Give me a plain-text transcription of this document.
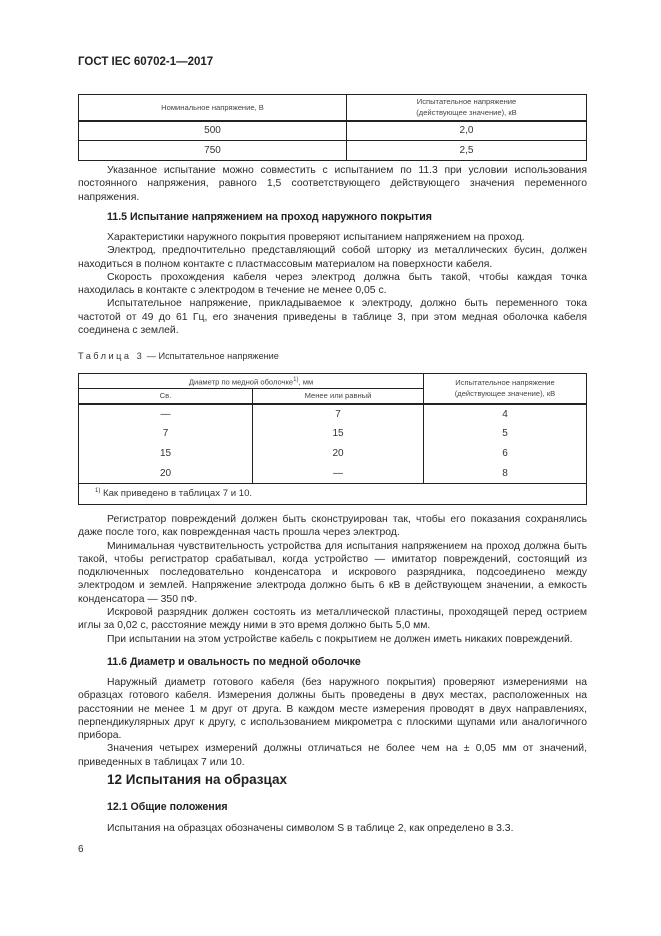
ГОСТ IEC 60702-1—2017
Номинальное напряжение, В	Испытательное напряжение
(действующее значение), кВ

500	2,0
750	2,5

Указанное испытание можно совместить с испытанием по 11.3 при условии использования постоянного напряжения, равного 1,5 соответствующего действующего значения переменного напряжения.

11.5 Испытание напряжением на проход наружного покрытия

Характеристики наружного покрытия проверяют испытанием напряжением на проход.

Электрод, предпочтительно представляющий собой шторку из металлических бусин, должен находиться в полном контакте с пластмассовым материалом на поверхности кабеля.

Скорость прохождения кабеля через электрод должна быть такой, чтобы каждая точка находилась в контакте с электродом в течение не менее 0,05 с.

Испытательное напряжение, прикладываемое к электроду, должно быть переменного тока частотой от 49 до 61 Гц, его значения приведены в таблице 3, при этом медная оболочка кабеля соединена с землей.

Таблица 3 — Испытательное напряжение
Диаметр по медной оболочке$^{1)}$, мм		Испытательное напряжение
(действующее значение), кВ

Св.	Менее или равный	
—	7	4
7	15	5
15	20	6
20	—	8
$^{1)}$ Как приведено в таблицах 7 и 10.		

Регистратор повреждений должен быть сконструирован так, чтобы его показания сохранялись даже после того, как поврежденная часть прошла через электрод.

Минимальная чувствительность устройства для испытания напряжением на проход должна быть такой, чтобы регистратор срабатывал, когда устройство — имитатор повреждений, состоящий из подключенных последовательно конденсатора и искрового разрядника, подсоединено между электродом и землей. Напряжение электрода должно быть 6 кВ в действующем значении, а емкость конденсатора — 350 пФ.

Искровой разрядник должен состоять из металлической пластины, проходящей перед острием иглы за 0,02 с, расстояние между ними в это время должно быть 5,0 мм.

При испытании на этом устройстве кабель с покрытием не должен иметь никаких повреждений.

11.6 Диаметр и овальность по медной оболочке

Наружный диаметр готового кабеля (без наружного покрытия) проверяют измерениями на образцах готового кабеля. Измерения должны быть проведены в двух местах, расположенных на расстоянии не менее 1 м друг от друга. В каждом месте измерения проводят в двух направлениях, перпендикулярных друг к другу, с использованием микрометра с плоскими щупами или аналогичного прибора.

Значения четырех измерений должны отличаться не более чем на ± 0,05 мм от значений, приведенных в таблицах 7 или 10.

12 Испытания на образцах
12.1 Общие положения

Испытания на образцах обозначены символом S в таблице 2, как определено в 3.3.

6
